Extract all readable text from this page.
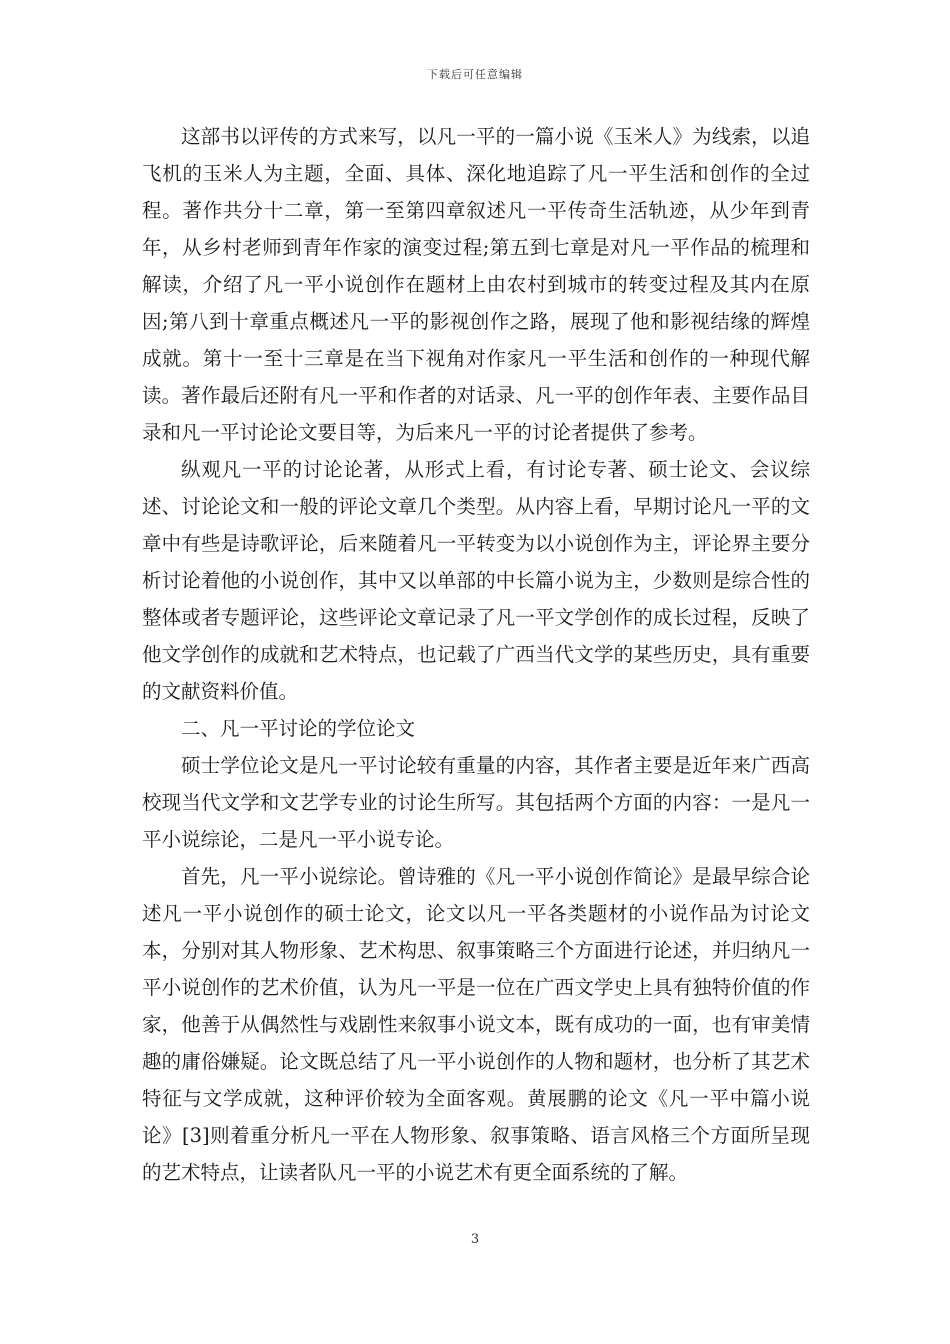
下载后可任意编辑

这部书以评传的方式来写，以凡一平的一篇小说《玉米人》为线索，以追飞机的玉米人为主题，全面、具体、深化地追踪了凡一平生活和创作的全过程。著作共分十二章，第一至第四章叙述凡一平传奇生活轨迹，从少年到青年，从乡村老师到青年作家的演变过程;第五到七章是对凡一平作品的梳理和解读，介绍了凡一平小说创作在题材上由农村到城市的转变过程及其内在原因;第八到十章重点概述凡一平的影视创作之路，展现了他和影视结缘的辉煌成就。第十一至十三章是在当下视角对作家凡一平生活和创作的一种现代解读。著作最后还附有凡一平和作者的对话录、凡一平的创作年表、主要作品目录和凡一平讨论论文要目等，为后来凡一平的讨论者提供了参考。

纵观凡一平的讨论论著，从形式上看，有讨论专著、硕士论文、会议综述、讨论论文和一般的评论文章几个类型。从内容上看，早期讨论凡一平的文章中有些是诗歌评论，后来随着凡一平转变为以小说创作为主，评论界主要分析讨论着他的小说创作，其中又以单部的中长篇小说为主，少数则是综合性的整体或者专题评论，这些评论文章记录了凡一平文学创作的成长过程，反映了他文学创作的成就和艺术特点，也记载了广西当代文学的某些历史，具有重要的文献资料价值。

二、凡一平讨论的学位论文

硕士学位论文是凡一平讨论较有重量的内容，其作者主要是近年来广西高校现当代文学和文艺学专业的讨论生所写。其包括两个方面的内容：一是凡一平小说综论，二是凡一平小说专论。

首先，凡一平小说综论。曾诗雅的《凡一平小说创作简论》是最早综合论述凡一平小说创作的硕士论文，论文以凡一平各类题材的小说作品为讨论文本，分别对其人物形象、艺术构思、叙事策略三个方面进行论述，并归纳凡一平小说创作的艺术价值，认为凡一平是一位在广西文学史上具有独特价值的作家，他善于从偶然性与戏剧性来叙事小说文本，既有成功的一面，也有审美情趣的庸俗嫌疑。论文既总结了凡一平小说创作的人物和题材，也分析了其艺术特征与文学成就，这种评价较为全面客观。黄展鹏的论文《凡一平中篇小说论》[3]则着重分析凡一平在人物形象、叙事策略、语言风格三个方面所呈现的艺术特点，让读者队凡一平的小说艺术有更全面系统的了解。

3
